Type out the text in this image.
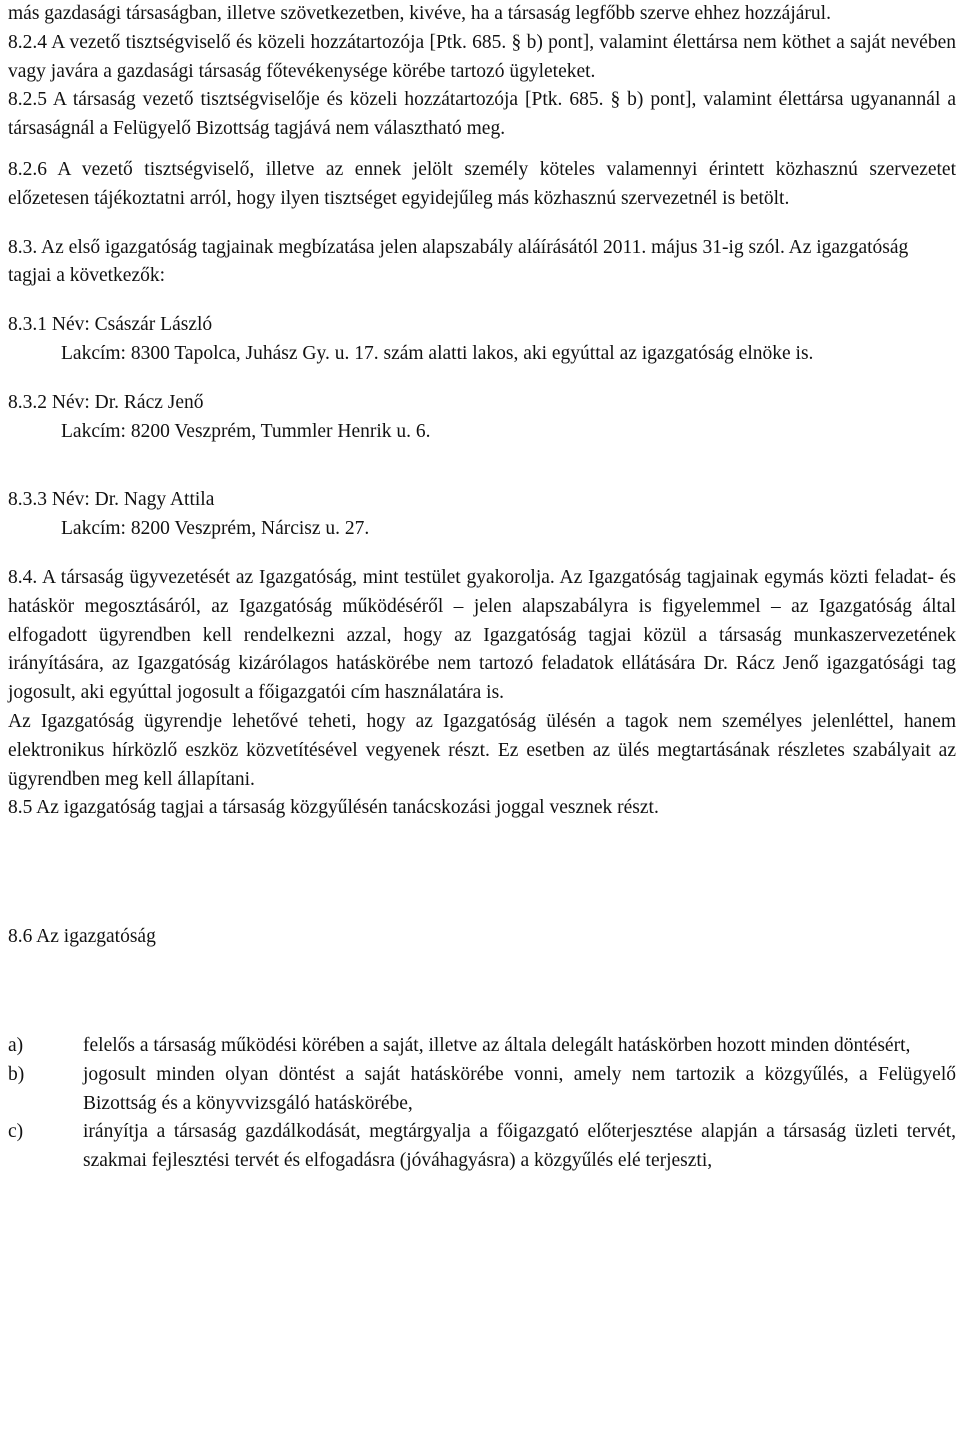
más gazdasági társaságban, illetve szövetkezetben, kivéve, ha a társaság legfőbb szerve ehhez hozzájárul.

8.2.4 A vezető tisztségviselő és közeli hozzátartozója [Ptk. 685. § b) pont], valamint élettársa nem köthet a saját nevében vagy javára a gazdasági társaság főtevékenysége körébe tartozó ügyleteket.

8.2.5 A társaság vezető tisztségviselője és közeli hozzátartozója [Ptk. 685. § b) pont], valamint élettársa ugyanannál a társaságnál a Felügyelő Bizottság tagjává nem választható meg.

8.2.6 A vezető tisztségviselő, illetve az ennek jelölt személy köteles valamennyi érintett közhasznú szervezetet előzetesen tájékoztatni arról, hogy ilyen tisztséget egyidejűleg más közhasznú szervezetnél is betölt.

8.3. Az első igazgatóság tagjainak megbízatása jelen alapszabály aláírásától 2011. május 31-ig szól. Az igazgatóság tagjai a következők:

8.3.1 Név: Császár László
Lakcím: 8300 Tapolca, Juhász Gy. u. 17. szám alatti lakos, aki egyúttal az igazgatóság elnöke is.
8.3.2 Név: Dr. Rácz Jenő
Lakcím: 8200 Veszprém, Tummler Henrik u. 6.
8.3.3 Név: Dr. Nagy Attila
Lakcím: 8200 Veszprém, Nárcisz u. 27.

8.4. A társaság ügyvezetését az Igazgatóság, mint testület gyakorolja. Az Igazgatóság tagjainak egymás közti feladat- és hatáskör megosztásáról, az Igazgatóság működéséről – jelen alapszabályra is figyelemmel – az Igazgatóság által elfogadott ügyrendben kell rendelkezni azzal, hogy az Igazgatóság tagjai közül a társaság munkaszervezetének irányítására, az Igazgatóság kizárólagos hatáskörébe nem tartozó feladatok ellátására Dr. Rácz Jenő igazgatósági tag jogosult, aki egyúttal jogosult a főigazgatói cím használatára is.

Az Igazgatóság ügyrendje lehetővé teheti, hogy az Igazgatóság ülésén a tagok nem személyes jelenléttel, hanem elektronikus hírközlő eszköz közvetítésével vegyenek részt. Ez esetben az ülés megtartásának részletes szabályait az ügyrendben meg kell állapítani.

8.5 Az igazgatóság tagjai a társaság közgyűlésén tanácskozási joggal vesznek részt.

8.6 Az igazgatóság

a)	felelős a társaság működési körében a saját, illetve az általa delegált hatáskörben hozott minden döntésért,
b)	jogosult minden olyan döntést a saját hatáskörébe vonni, amely nem tartozik a közgyűlés, a Felügyelő Bizottság és a könyvvizsgáló hatáskörébe,
c)	irányítja a társaság gazdálkodását, megtárgyalja a főigazgató előterjesztése alapján a társaság üzleti tervét, szakmai fejlesztési tervét és elfogadásra (jóváhagyásra) a közgyűlés elé terjeszti,
